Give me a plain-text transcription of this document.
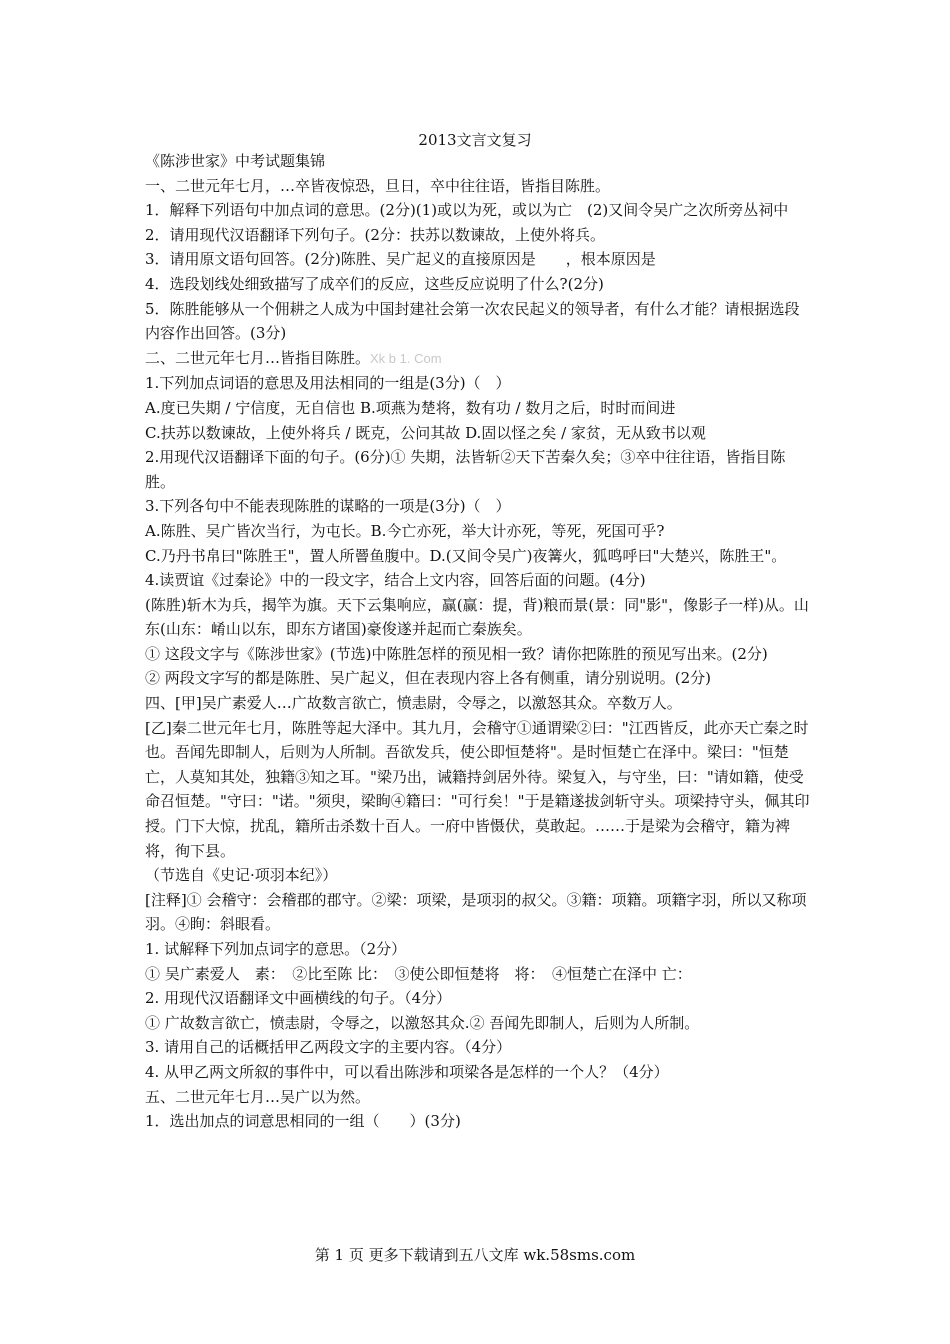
2013文言文复习

《陈涉世家》中考试题集锦

一、二世元年七月，…卒皆夜惊恐，旦日，卒中往往语，皆指目陈胜。

1．解释下列语句中加点词的意思。(2分)(1)或以为死，或以为亡　(2)又间令吴广之次所旁丛祠中

2．请用现代汉语翻译下列句子。(2分：扶苏以数谏故，上使外将兵。

3．请用原文语句回答。(2分)陈胜、吴广起义的直接原因是　　，根本原因是

4．选段划线处细致描写了成卒们的反应，这些反应说明了什么?(2分)

5．陈胜能够从一个佣耕之人成为中国封建社会第一次农民起义的领导者，有什么才能？请根据选段内容作出回答。(3分)

二、二世元年七月…皆指目陈胜。Xk b 1. Com

1.下列加点词语的意思及用法相同的一组是(3分)（　）

A.度已失期 / 宁信度，无自信也 B.项燕为楚将，数有功 / 数月之后，时时而间进

C.扶苏以数谏故，上使外将兵 / 既克，公问其故 D.固以怪之矣 / 家贫，无从致书以观

2.用现代汉语翻译下面的句子。(6分)① 失期，法皆斩②天下苦秦久矣；③卒中往往语，皆指目陈胜。

3.下列各句中不能表现陈胜的谋略的一项是(3分)（　）

A.陈胜、吴广皆次当行，为屯长。B.今亡亦死，举大计亦死，等死，死国可乎?

C.乃丹书帛曰"陈胜王"，置人所罾鱼腹中。D.(又间令吴广)夜篝火，狐鸣呼曰"大楚兴，陈胜王"。

4.读贾谊《过秦论》中的一段文字，结合上文内容，回答后面的问题。(4分)

(陈胜)斩木为兵，揭竿为旗。天下云集响应，赢(赢：提，背)粮而景(景：同"影"，像影子一样)从。山东(山东：崤山以东，即东方诸国)豪俊遂并起而亡秦族矣。

① 这段文字与《陈涉世家》(节选)中陈胜怎样的预见相一致？请你把陈胜的预见写出来。(2分)

② 两段文字写的都是陈胜、吴广起义，但在表现内容上各有侧重，请分别说明。(2分)

四、[甲]吴广素爱人…广故数言欲亡，愤恚尉，令辱之，以激怒其众。卒数万人。

[乙]秦二世元年七月，陈胜等起大泽中。其九月，会稽守①通谓梁②曰："江西皆反，此亦天亡秦之时也。吾闻先即制人，后则为人所制。吾欲发兵，使公即恒楚将"。是时恒楚亡在泽中。梁曰："恒楚亡，人莫知其处，独籍③知之耳。"梁乃出，诫籍持剑居外待。梁复入，与守坐，曰："请如籍，使受命召恒楚。"守曰："诺。"须臾，梁眴④籍曰："可行矣！"于是籍遂拔剑斩守头。项梁持守头，佩其印授。门下大惊，扰乱，籍所击杀数十百人。一府中皆慑伏，莫敢起。……于是梁为会稽守，籍为裨将，徇下县。

（节选自《史记·项羽本纪》）

[注释]① 会稽守：会稽郡的郡守。②梁：项梁，是项羽的叔父。③籍：项籍。项籍字羽，所以又称项羽。④眴：斜眼看。

1. 试解释下列加点词字的意思。（2分）

① 吴广素爱人　素：　②比至陈 比：　③使公即恒楚将　将：　④恒楚亡在泽中 亡：

2. 用现代汉语翻译文中画横线的句子。（4分）

① 广故数言欲亡，愤恚尉，令辱之，以激怒其众.② 吾闻先即制人，后则为人所制。

3. 请用自己的话概括甲乙两段文字的主要内容。（4分）

4. 从甲乙两文所叙的事件中，可以看出陈涉和项梁各是怎样的一个人？（4分）

五、二世元年七月…吴广以为然。

1．选出加点的词意思相同的一组（　　）(3分)

第 1 页 更多下载请到五八文库 wk.58sms.com
